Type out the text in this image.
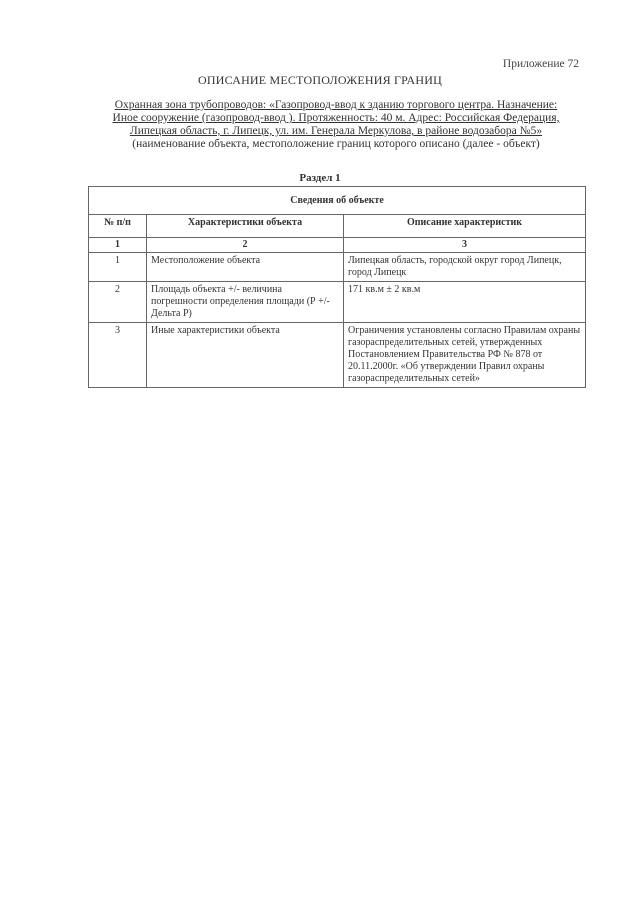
Приложение 72
ОПИСАНИЕ МЕСТОПОЛОЖЕНИЯ ГРАНИЦ
Охранная зона трубопроводов: «Газопровод-ввод к зданию торгового центра. Назначение:
Иное сооружение (газопровод-ввод ). Протяженность: 40 м. Адрес: Российская Федерация,
Липецкая область, г. Липецк, ул. им. Генерала Меркулова, в районе водозабора №5»
(наименование объекта, местоположение границ которого описано (далее - объект)
Раздел 1
Сведения об объекте		
№ п/п	Характеристики объекта	Описание характеристик
1	2	3
1	Местоположение объекта	Липецкая область, городской округ город Липецк, город Липецк
2	Площадь объекта +/- величина погрешности определения площади (Р +/- Дельта Р)	171 кв.м ± 2 кв.м
3	Иные характеристики объекта	Ограничения установлены согласно Правилам охраны газораспределительных сетей, утвержденных Постановлением Правительства РФ № 878 от 20.11.2000г. «Об утверждении Правил охраны газораспределительных сетей»
